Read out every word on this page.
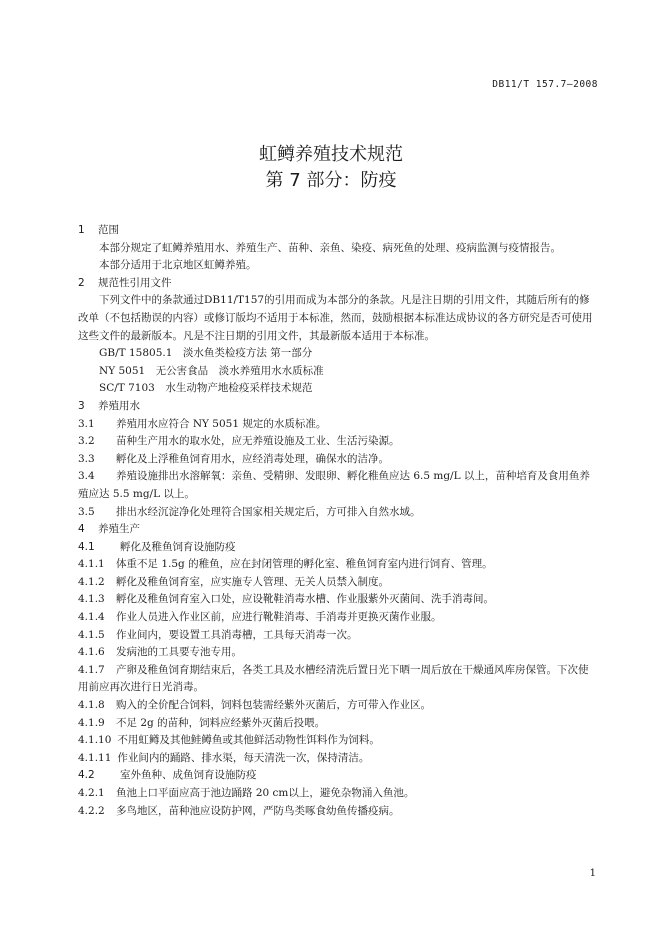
DB11/T 157.7—2008
虹鳟养殖技术规范
第 7 部分：防疫

1 范围

本部分规定了虹鳟养殖用水、养殖生产、苗种、亲鱼、染疫、病死鱼的处理、疫病监测与疫情报告。

本部分适用于北京地区虹鳟养殖。

2 规范性引用文件

下列文件中的条款通过DB11/T157的引用而成为本部分的条款。凡是注日期的引用文件，其随后所有的修改单（不包括勘误的内容）或修订版均不适用于本标准，然而，鼓励根据本标准达成协议的各方研究是否可使用这些文件的最新版本。凡是不注日期的引用文件，其最新版本适用于本标准。

GB/T 15805.1　淡水鱼类检疫方法 第一部分

NY 5051　无公害食品　淡水养殖用水水质标准

SC/T 7103　水生动物产地检疫采样技术规范

3 养殖用水

3.1 养殖用水应符合 NY 5051 规定的水质标准。

3.2 苗种生产用水的取水处，应无养殖设施及工业、生活污染源。

3.3 孵化及上浮稚鱼饲育用水，应经消毒处理，确保水的洁净。

3.4 养殖设施排出水溶解氧：亲鱼、受精卵、发眼卵、孵化稚鱼应达 6.5 mg/L 以上，苗种培育及食用鱼养殖应达 5.5 mg/L 以上。

3.5 排出水经沉淀净化处理符合国家相关规定后，方可排入自然水域。

4 养殖生产

4.1 孵化及稚鱼饲育设施防疫

4.1.1 体重不足 1.5g 的稚鱼，应在封闭管理的孵化室、稚鱼饲育室内进行饲育、管理。

4.1.2 孵化及稚鱼饲育室，应实施专人管理、无关人员禁入制度。

4.1.3 孵化及稚鱼饲育室入口处，应设靴鞋消毒水槽、作业服紫外灭菌间、洗手消毒间。

4.1.4 作业人员进入作业区前，应进行靴鞋消毒、手消毒并更换灭菌作业服。

4.1.5 作业间内，要设置工具消毒槽，工具每天消毒一次。

4.1.6 发病池的工具要专池专用。

4.1.7 产卵及稚鱼饲育期结束后，各类工具及水槽经清洗后置日光下晒一周后放在干燥通风库房保管。下次使用前应再次进行日光消毒。

4.1.8 购入的全价配合饲料，饲料包装需经紫外灭菌后，方可带入作业区。

4.1.9 不足 2g 的苗种，饲料应经紫外灭菌后投喂。

4.1.10 不用虹鳟及其他鲑鳟鱼或其他鲜活动物性饵料作为饲料。

4.1.11 作业间内的踊路、排水渠，每天清洗一次，保持清洁。

4.2 室外鱼种、成鱼饲育设施防疫

4.2.1 鱼池上口平面应高于池边踊路 20 cm以上，避免杂物涌入鱼池。

4.2.2 多鸟地区，苗种池应设防护网，严防鸟类啄食幼鱼传播疫病。

1
